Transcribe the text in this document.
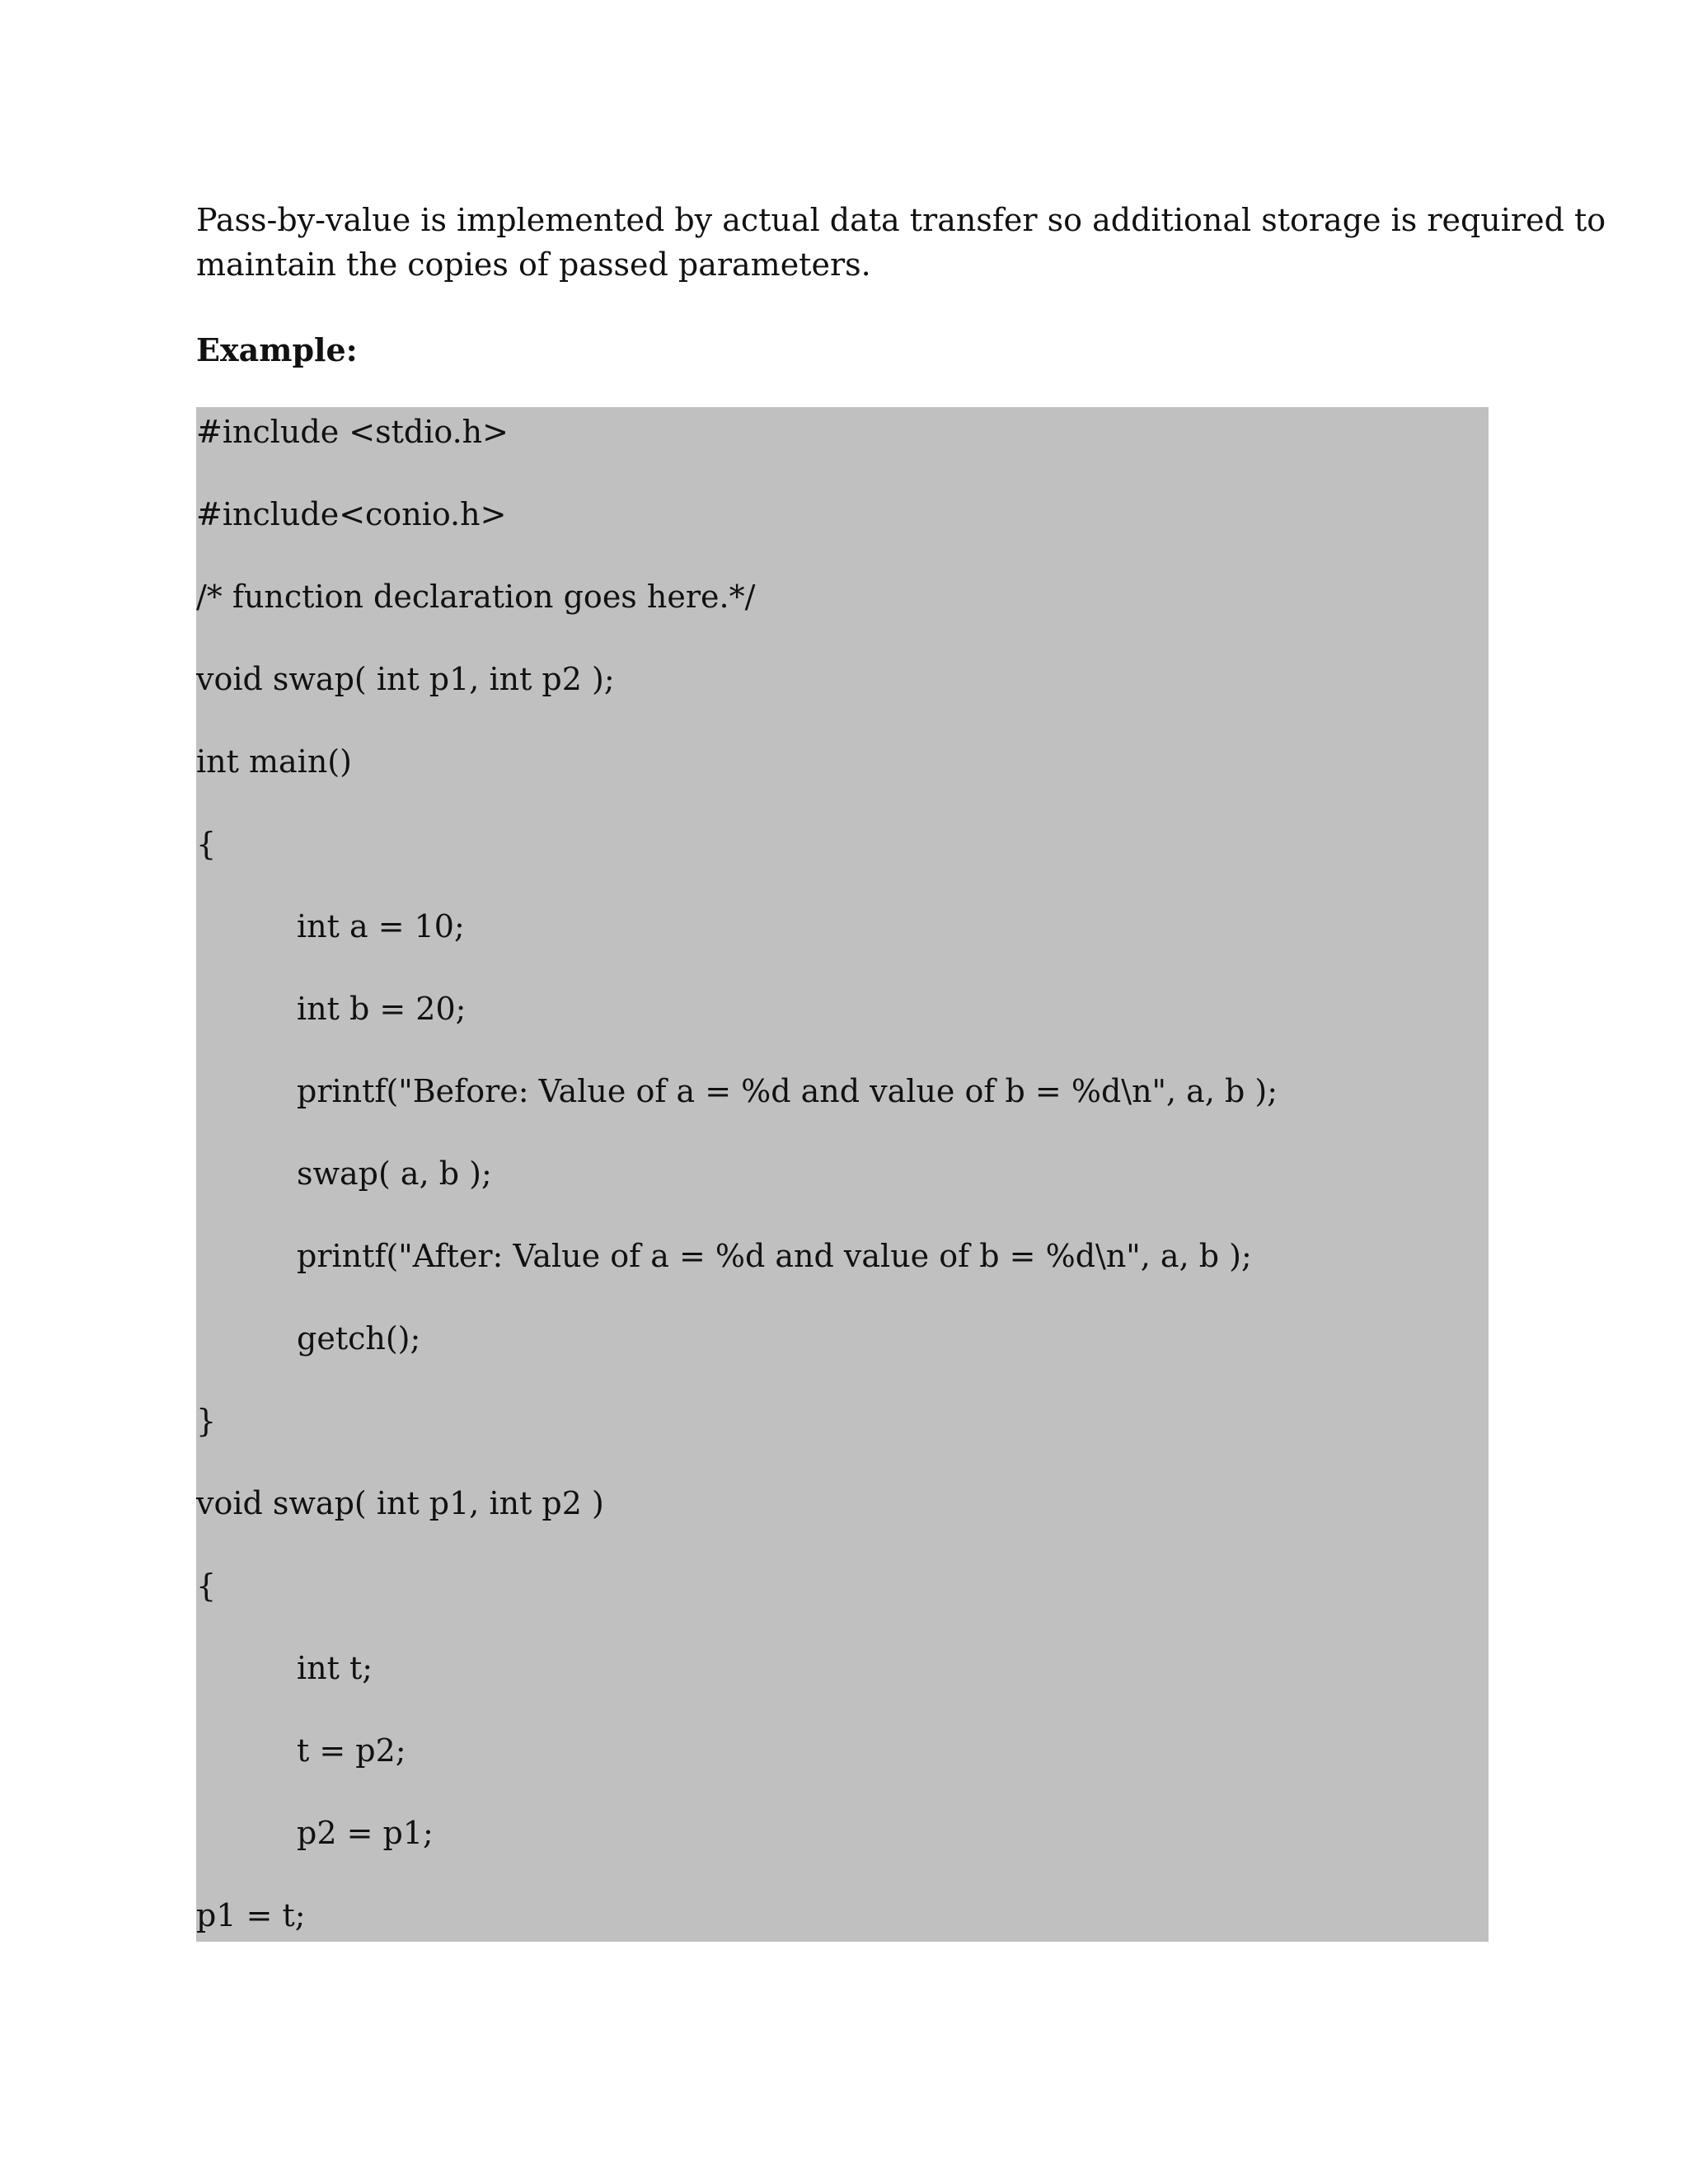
Pass-by-value is implemented by actual data transfer so additional storage is required to
maintain the copies of passed parameters.

Example:

#include <stdio.h>
#include<conio.h>
/* function declaration goes here.*/
void swap( int p1, int p2 );
int main()
{
int a = 10;
int b = 20;
printf("Before: Value of a = %d and value of b = %d\n", a, b );
swap( a, b );
printf("After: Value of a = %d and value of b = %d\n", a, b );
getch();
}
void swap( int p1, int p2 )
{
int t;
t = p2;
p2 = p1;
p1 = t;
